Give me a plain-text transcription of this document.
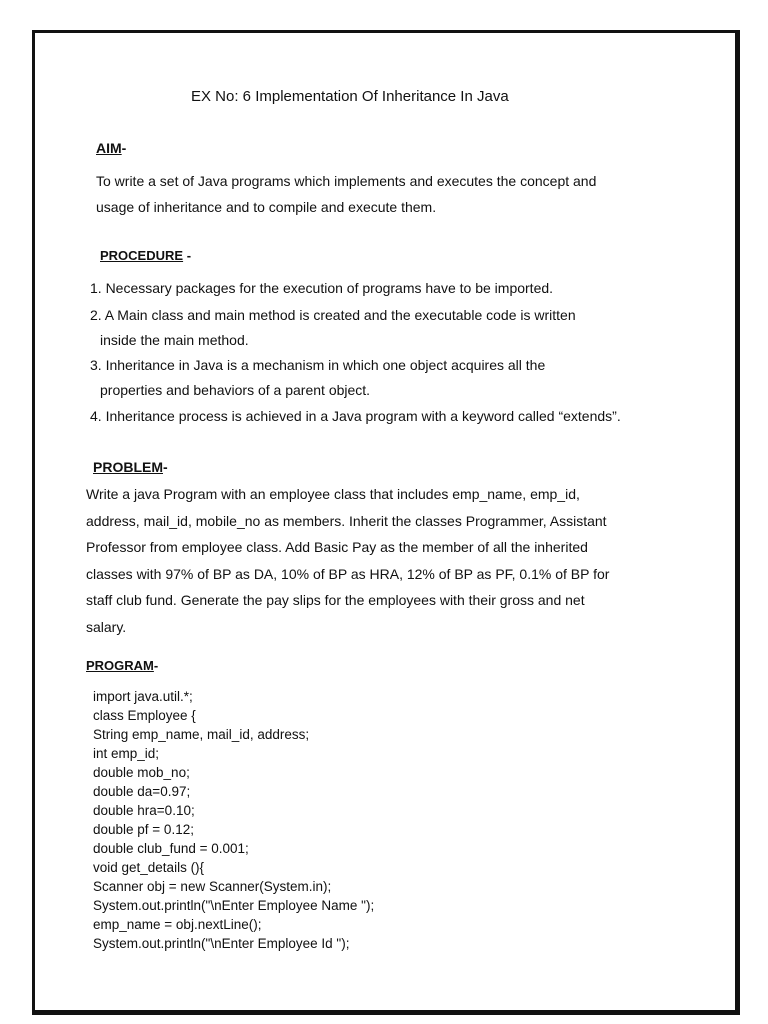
EX No: 6 Implementation Of Inheritance In Java
AIM-
To write a set of Java programs which implements and executes the concept and
usage of inheritance and to compile and execute them.
PROCEDURE -
1. Necessary packages for the execution of programs have to be imported.
2. A Main class and main method is created and the executable code is written
inside the main method.
3. Inheritance in Java is a mechanism in which one object acquires all the
properties and behaviors of a parent object.
4. Inheritance process is achieved in a Java program with a keyword called “extends”.
PROBLEM-
Write a java Program with an employee class that includes emp_name, emp_id,
address, mail_id, mobile_no as members. Inherit the classes Programmer, Assistant
Professor from employee class. Add Basic Pay as the member of all the inherited
classes with 97% of BP as DA, 10% of BP as HRA, 12% of BP as PF, 0.1% of BP for
staff club fund. Generate the pay slips for the employees with their gross and net
salary.
PROGRAM-
import java.util.*;
class Employee {
String emp_name, mail_id, address;
int emp_id;
double mob_no;
double da=0.97;
double hra=0.10;
double pf = 0.12;
double club_fund = 0.001;
void get_details (){
Scanner obj = new Scanner(System.in);
System.out.println("\nEnter Employee Name ");
emp_name = obj.nextLine();
System.out.println("\nEnter Employee Id ");
